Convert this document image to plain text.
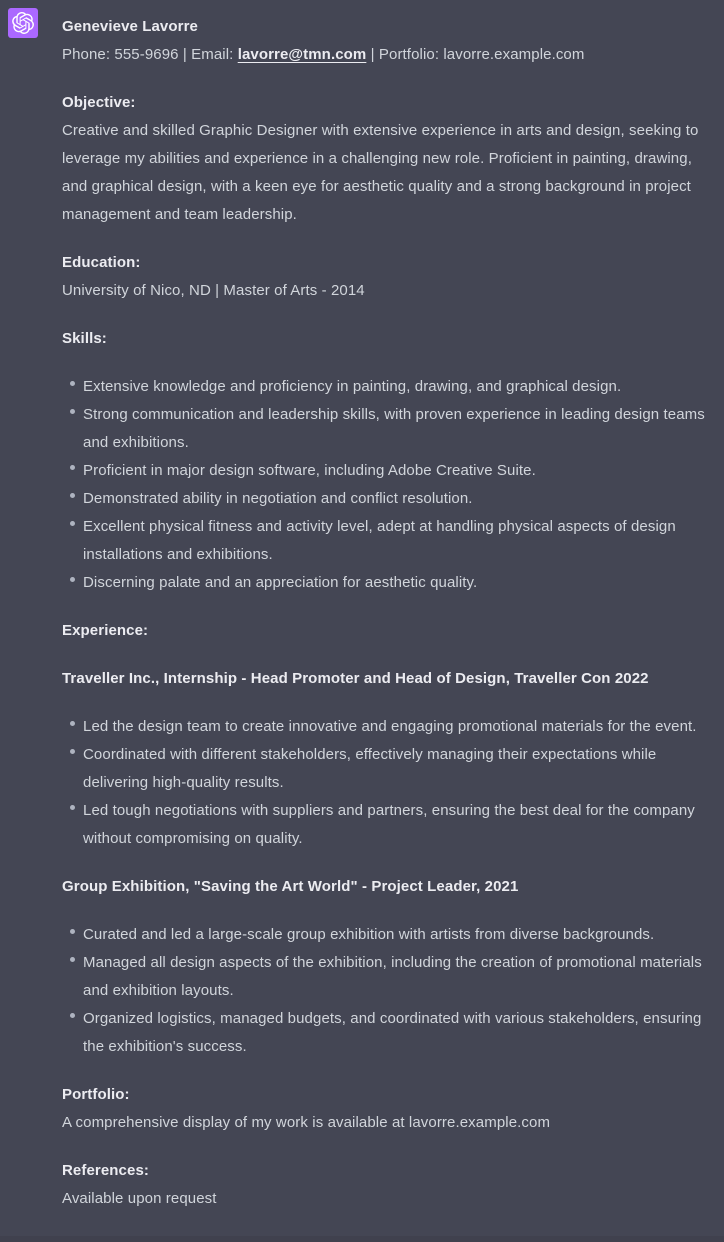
Genevieve Lavorre
Phone: 555-9696 | Email: lavorre@tmn.com | Portfolio: lavorre.example.com

Objective:
Creative and skilled Graphic Designer with extensive experience in arts and design, seeking to leverage my abilities and experience in a challenging new role. Proficient in painting, drawing, and graphical design, with a keen eye for aesthetic quality and a strong background in project management and team leadership.

Education:
University of Nico, ND | Master of Arts - 2014

Skills:

Extensive knowledge and proficiency in painting, drawing, and graphical design.
Strong communication and leadership skills, with proven experience in leading design teams and exhibitions.
Proficient in major design software, including Adobe Creative Suite.
Demonstrated ability in negotiation and conflict resolution.
Excellent physical fitness and activity level, adept at handling physical aspects of design installations and exhibitions.
Discerning palate and an appreciation for aesthetic quality.

Experience:

Traveller Inc., Internship - Head Promoter and Head of Design, Traveller Con 2022

Led the design team to create innovative and engaging promotional materials for the event.
Coordinated with different stakeholders, effectively managing their expectations while delivering high-quality results.
Led tough negotiations with suppliers and partners, ensuring the best deal for the company without compromising on quality.

Group Exhibition, "Saving the Art World" - Project Leader, 2021

Curated and led a large-scale group exhibition with artists from diverse backgrounds.
Managed all design aspects of the exhibition, including the creation of promotional materials and exhibition layouts.
Organized logistics, managed budgets, and coordinated with various stakeholders, ensuring the exhibition's success.

Portfolio:
A comprehensive display of my work is available at lavorre.example.com

References:
Available upon request
